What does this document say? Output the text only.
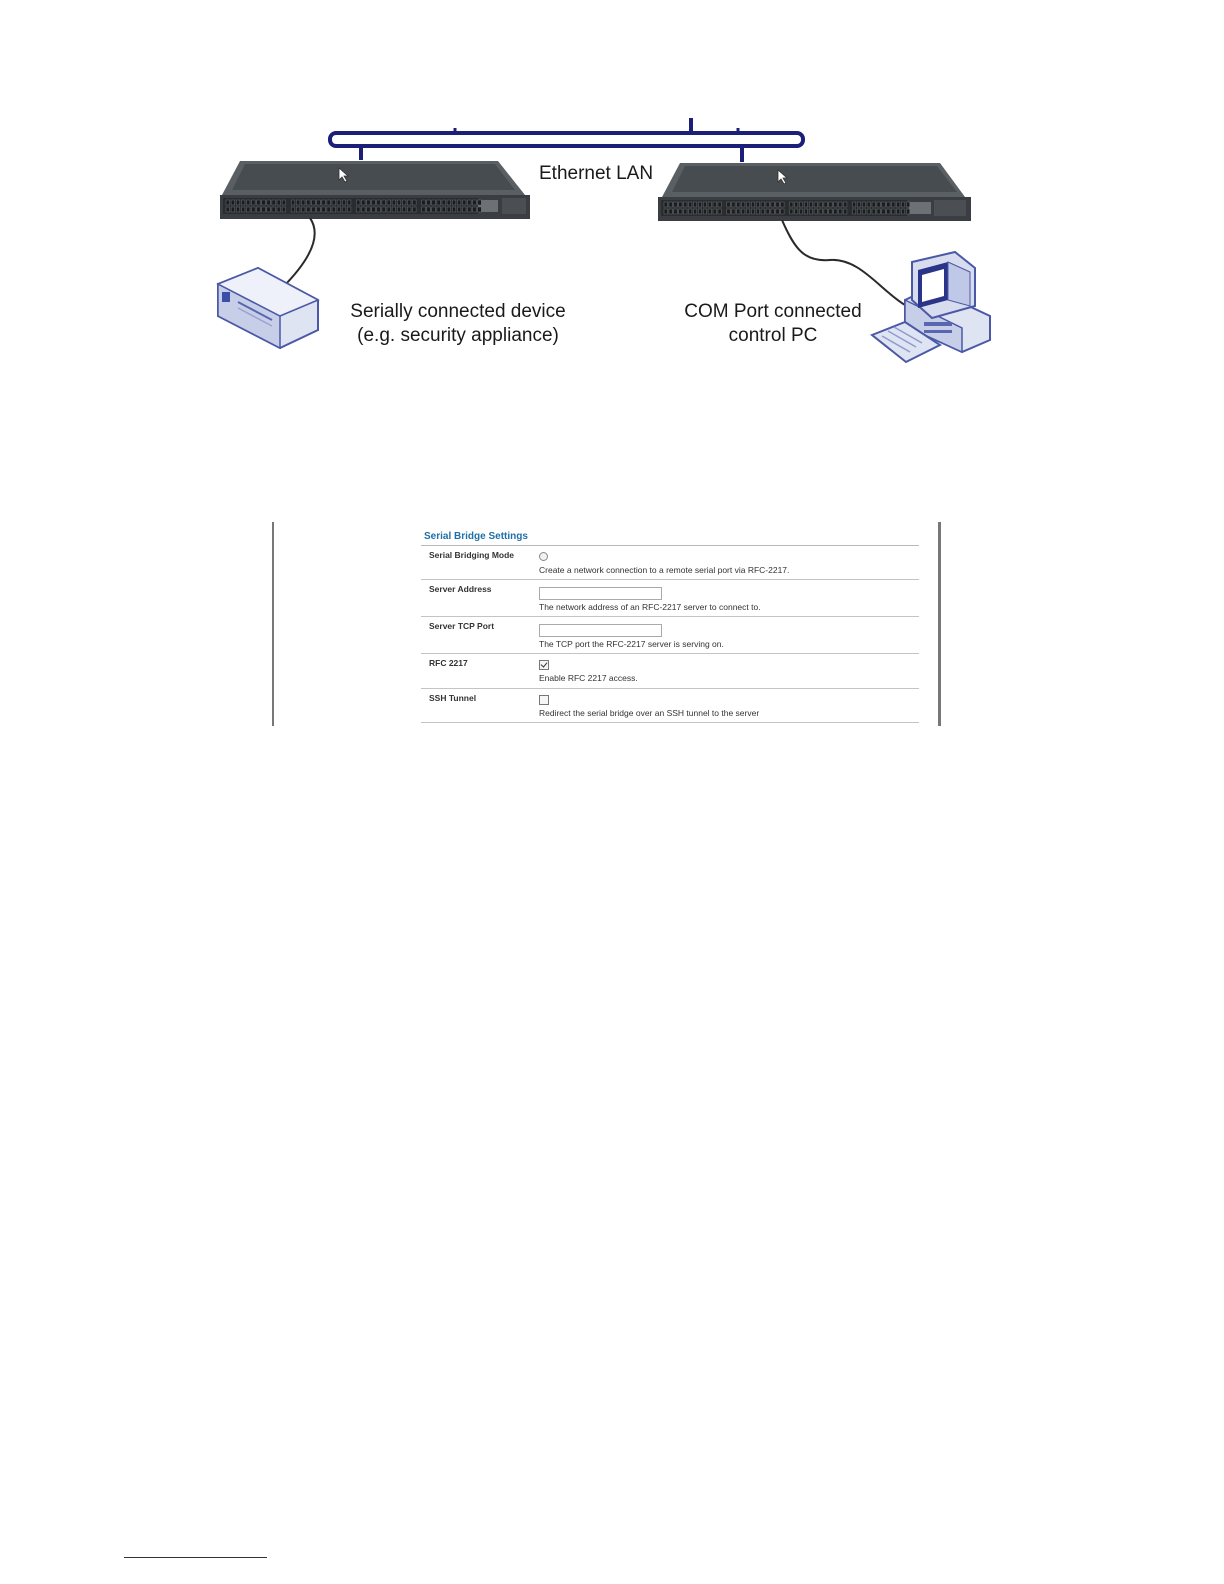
Ethernet LAN
Serially connected device
(e.g. security appliance)
COM Port connected
control PC
Serial Bridge Settings
Serial Bridging Mode
Create a network connection to a remote serial port via RFC-2217.
Server Address
The network address of an RFC-2217 server to connect to.
Server TCP Port
The TCP port the RFC-2217 server is serving on.
RFC 2217
Enable RFC 2217 access.
SSH Tunnel
Redirect the serial bridge over an SSH tunnel to the server
